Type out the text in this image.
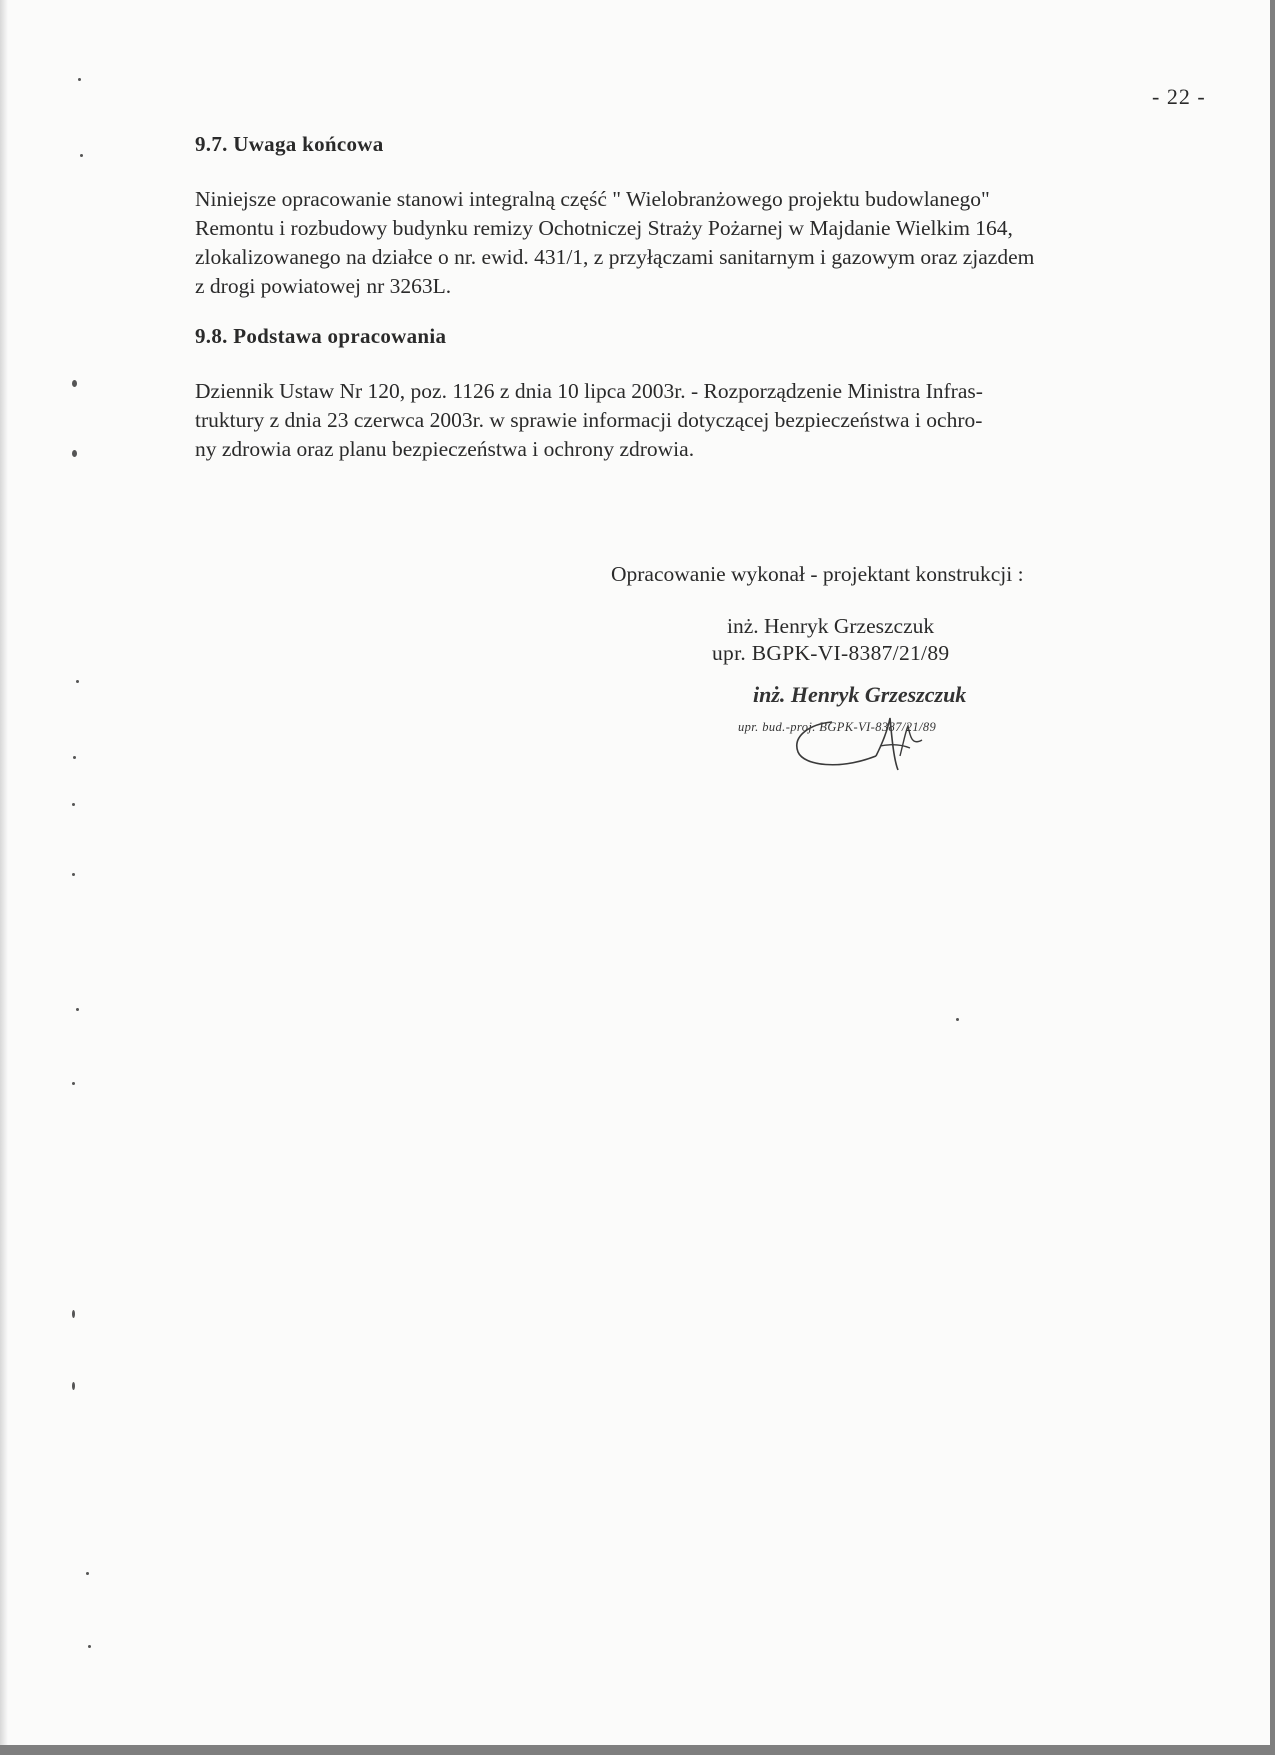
- 22 -
9.7. Uwaga końcowa

Niniejsze opracowanie stanowi integralną część " Wielobranżowego projektu budowlanego"
Remontu i rozbudowy budynku remizy Ochotniczej Straży Pożarnej w Majdanie Wielkim 164,
zlokalizowanego na działce o nr. ewid. 431/1, z przyłączami sanitarnym i gazowym oraz zjazdem
z drogi powiatowej nr 3263L.

9.8. Podstawa opracowania

Dziennik Ustaw Nr 120, poz. 1126 z dnia 10 lipca 2003r. - Rozporządzenie Ministra Infras-
truktury z dnia 23 czerwca 2003r. w sprawie informacji dotyczącej bezpieczeństwa i ochro-
ny zdrowia oraz planu bezpieczeństwa i ochrony zdrowia.

Opracowanie wykonał - projektant konstrukcji :
inż. Henryk Grzeszczuk
upr. BGPK-VI-8387/21/89
inż. Henryk Grzeszczuk
upr. bud.-proj. BGPK-VI-8387/21/89
